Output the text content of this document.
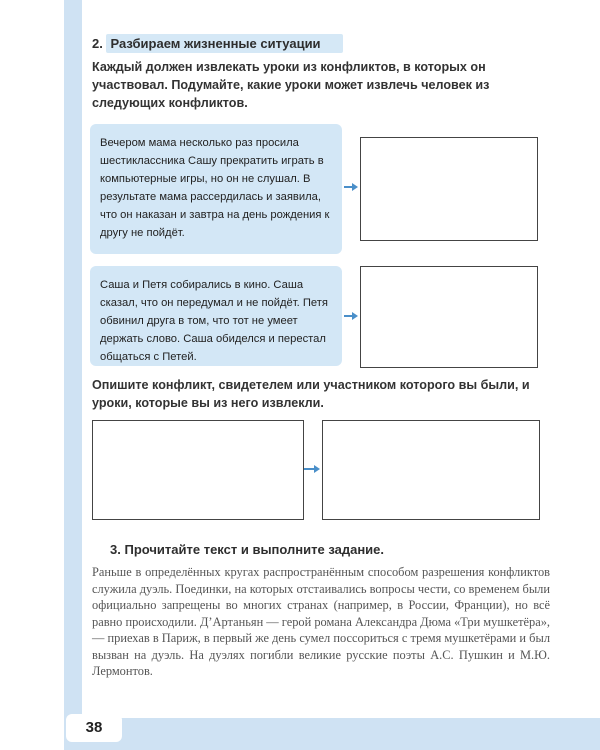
2. Разбираем жизненные ситуации
Каждый должен извлекать уроки из конфликтов, в которых он участвовал. Подумайте, какие уроки может извлечь человек из следующих конфликтов.
Вечером мама несколько раз просила шестиклассника Сашу прекратить играть в компьютерные игры, но он не слушал. В результате мама рассердилась и заявила, что он наказан и завтра на день рождения к другу не пойдёт.
Саша и Петя собирались в кино. Саша сказал, что он передумал и не пойдёт. Петя обвинил друга в том, что тот не умеет держать слово. Саша обиделся и перестал общаться с Петей.
Опишите конфликт, свидетелем или участником которого вы были, и уроки, которые вы из него извлекли.
3. Прочитайте текст и выполните задание.
Раньше в определённых кругах распространённым способом разрешения конфликтов служила дуэль. Поединки, на которых отстаивались вопросы чести, со временем были официально запрещены во многих странах (например, в России, Франции), но всё равно происходили. Д’Артаньян — герой романа Александра Дюма «Три мушкетёра», — приехав в Париж, в первый же день сумел поссориться с тремя мушкетёрами и был вызван на дуэль. На дуэлях погибли великие русские поэты А.С. Пушкин и М.Ю. Лермонтов.
38
